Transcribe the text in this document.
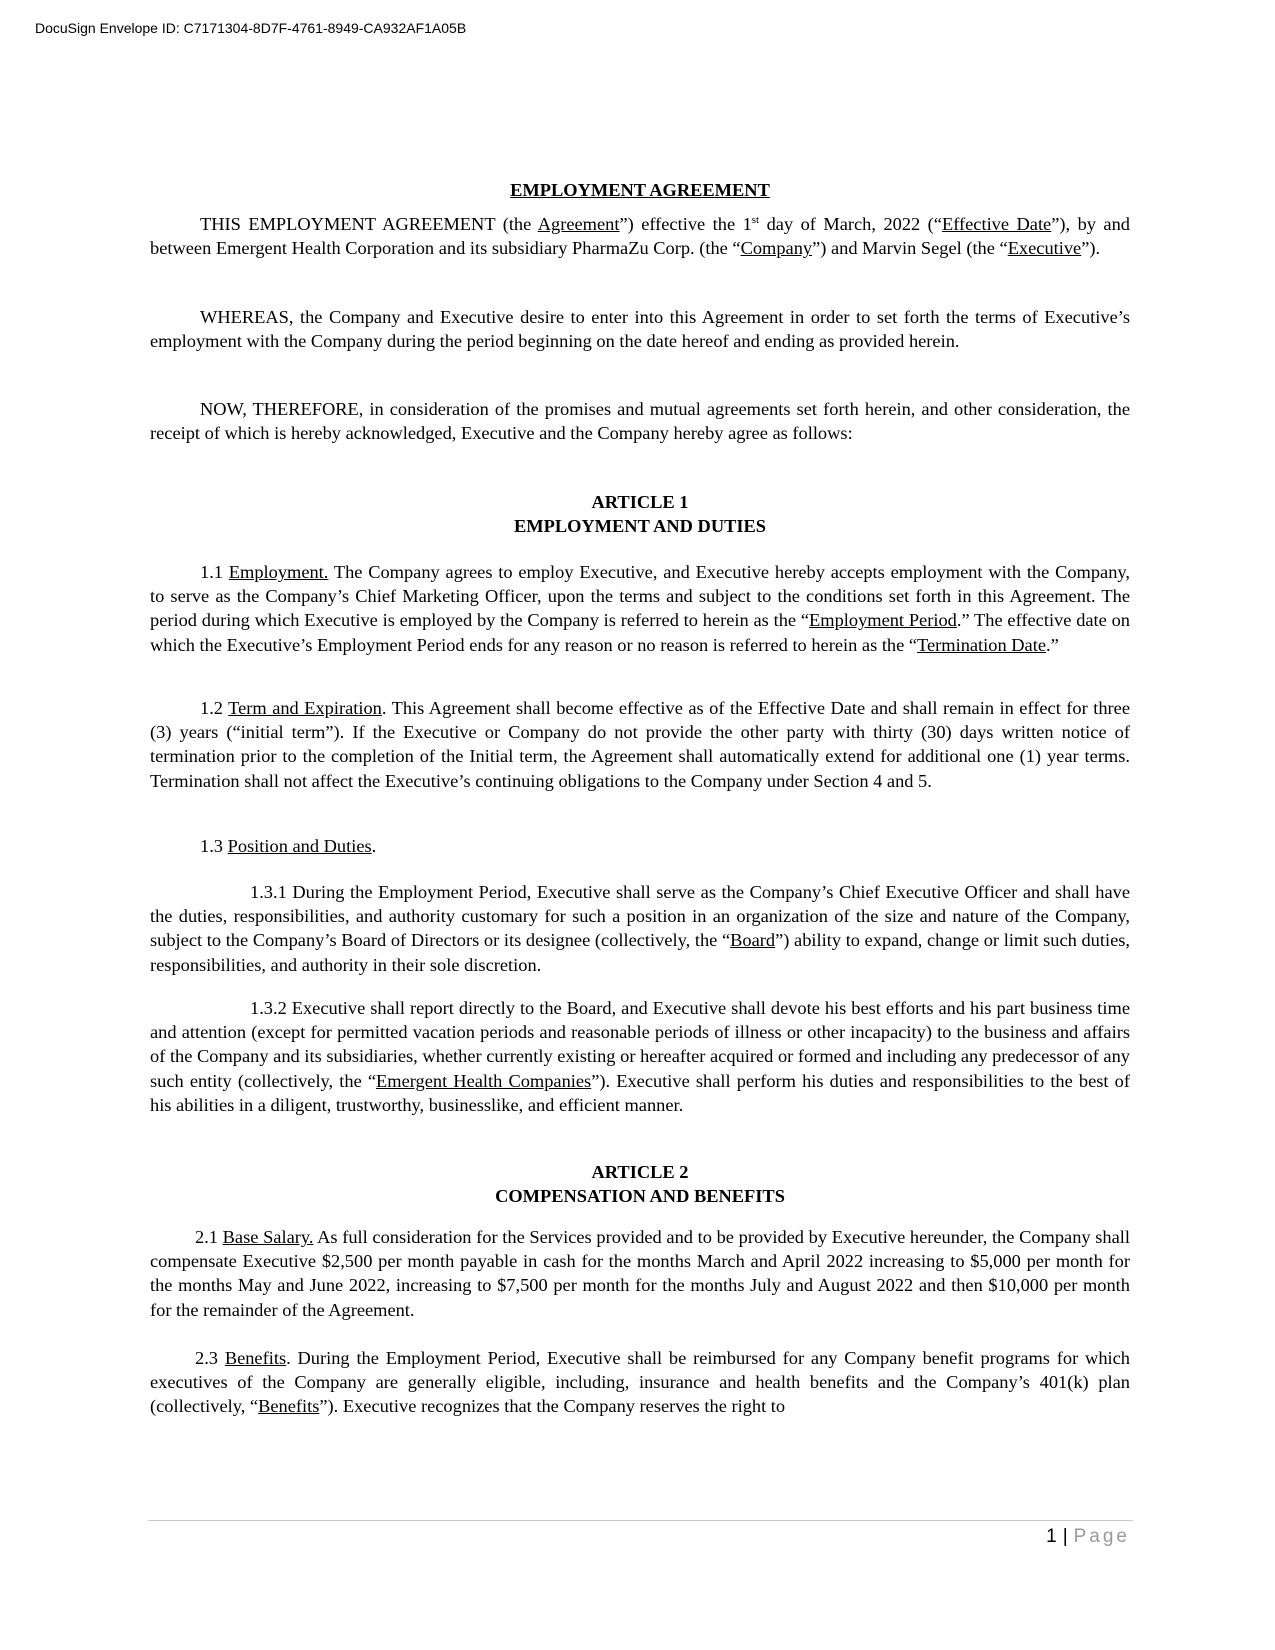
DocuSign Envelope ID: C7171304-8D7F-4761-8949-CA932AF1A05B
EMPLOYMENT AGREEMENT

THIS EMPLOYMENT AGREEMENT (the Agreement”) effective the 1st day of March, 2022 (“Effective Date”), by and between Emergent Health Corporation and its subsidiary PharmaZu Corp. (the “Company”) and Marvin Segel (the “Executive”).

WHEREAS, the Company and Executive desire to enter into this Agreement in order to set forth the terms of Executive’s employment with the Company during the period beginning on the date hereof and ending as provided herein.

NOW, THEREFORE, in consideration of the promises and mutual agreements set forth herein, and other consideration, the receipt of which is hereby acknowledged, Executive and the Company hereby agree as follows:

ARTICLE 1

EMPLOYMENT AND DUTIES

1.1 Employment. The Company agrees to employ Executive, and Executive hereby accepts employment with the Company, to serve as the Company’s Chief Marketing Officer, upon the terms and subject to the conditions set forth in this Agreement. The period during which Executive is employed by the Company is referred to herein as the “Employment Period.” The effective date on which the Executive’s Employment Period ends for any reason or no reason is referred to herein as the “Termination Date.”

1.2 Term and Expiration. This Agreement shall become effective as of the Effective Date and shall remain in effect for three (3) years (“initial term”). If the Executive or Company do not provide the other party with thirty (30) days written notice of termination prior to the completion of the Initial term, the Agreement shall automatically extend for additional one (1) year terms. Termination shall not affect the Executive’s continuing obligations to the Company under Section 4 and 5.

1.3 Position and Duties.

1.3.1 During the Employment Period, Executive shall serve as the Company’s Chief Executive Officer and shall have the duties, responsibilities, and authority customary for such a position in an organization of the size and nature of the Company, subject to the Company’s Board of Directors or its designee (collectively, the “Board”) ability to expand, change or limit such duties, responsibilities, and authority in their sole discretion.

1.3.2 Executive shall report directly to the Board, and Executive shall devote his best efforts and his part business time and attention (except for permitted vacation periods and reasonable periods of illness or other incapacity) to the business and affairs of the Company and its subsidiaries, whether currently existing or hereafter acquired or formed and including any predecessor of any such entity (collectively, the “Emergent Health Companies”). Executive shall perform his duties and responsibilities to the best of his abilities in a diligent, trustworthy, businesslike, and efficient manner.

ARTICLE 2

COMPENSATION AND BENEFITS

2.1 Base Salary. As full consideration for the Services provided and to be provided by Executive hereunder, the Company shall compensate Executive $2,500 per month payable in cash for the months March and April 2022 increasing to $5,000 per month for the months May and June 2022, increasing to $7,500 per month for the months July and August 2022 and then $10,000 per month for the remainder of the Agreement.

2.3 Benefits. During the Employment Period, Executive shall be reimbursed for any Company benefit programs for which executives of the Company are generally eligible, including, insurance and health benefits and the Company’s 401(k) plan (collectively, “Benefits”). Executive recognizes that the Company reserves the right to

1 | Page
